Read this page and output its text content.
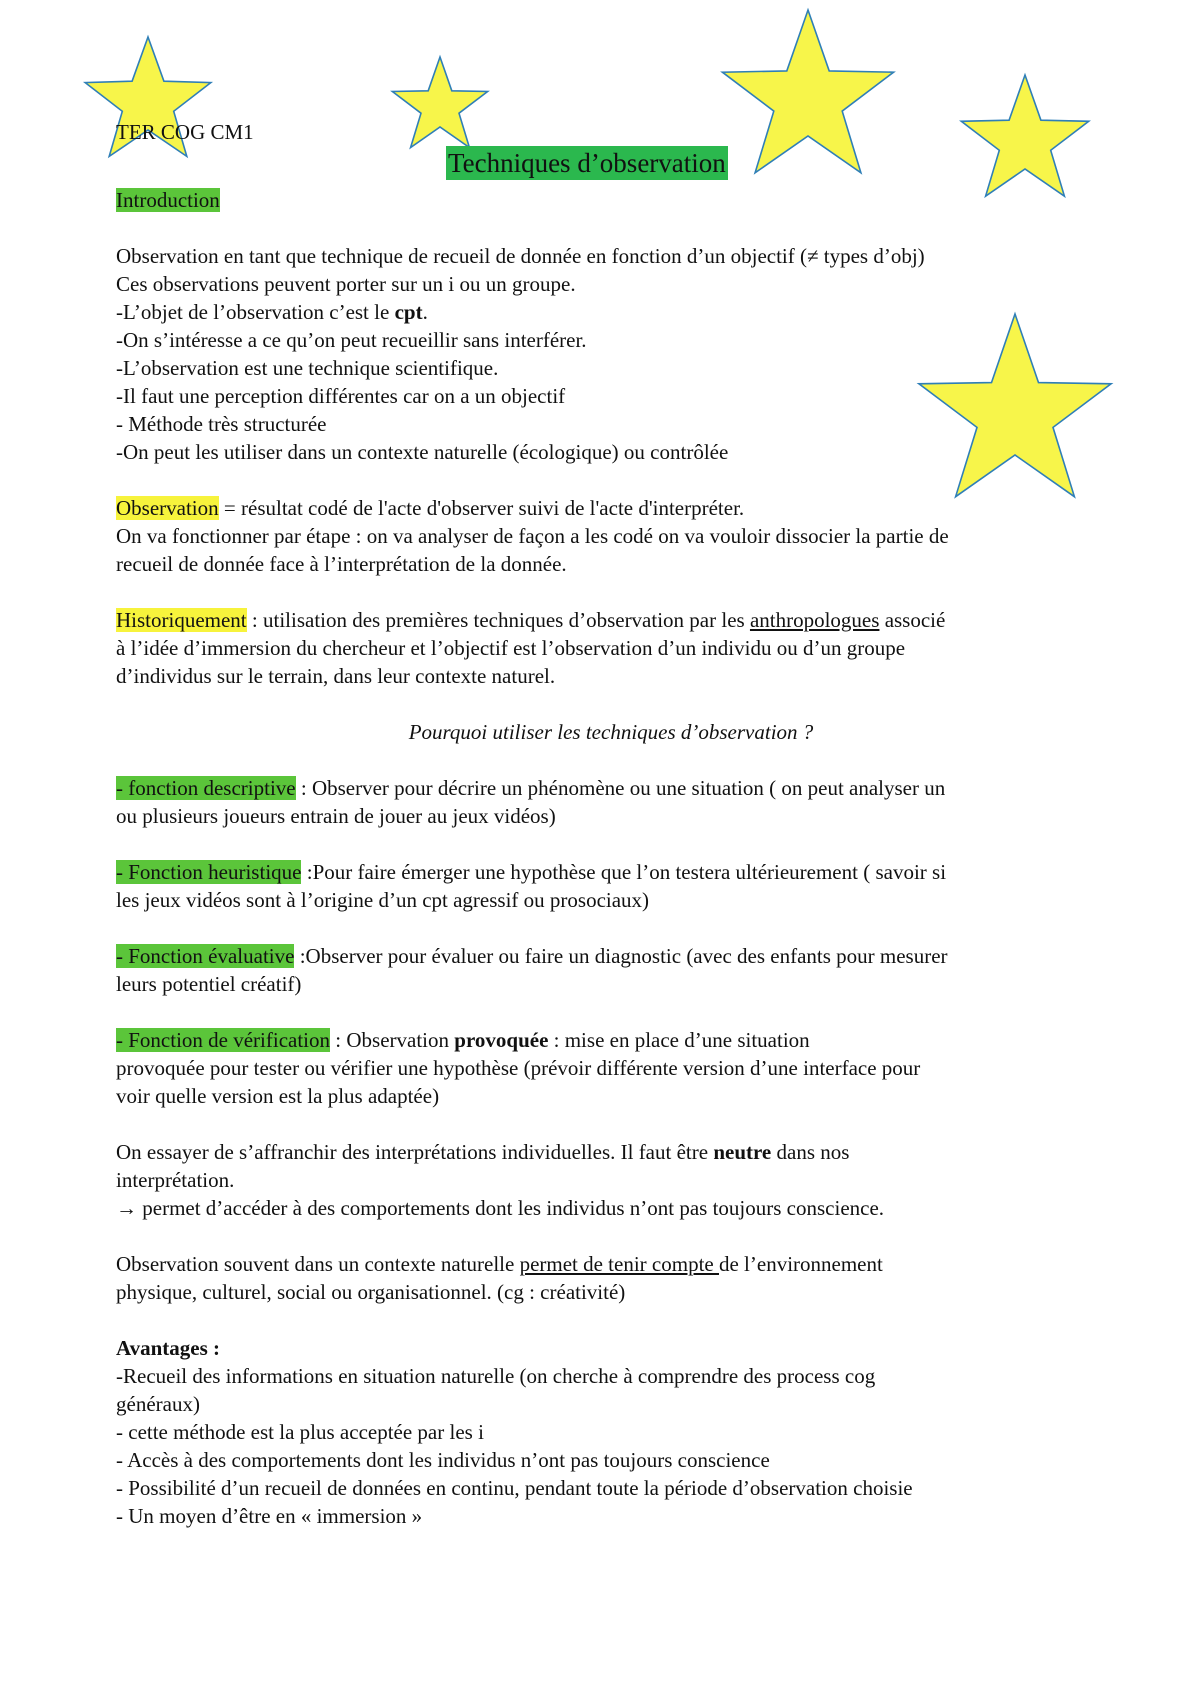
TER COG CM1
Techniques d’observation
Introduction
Observation en tant que technique de recueil de donnée en fonction d’un objectif (≠ types d’obj)
Ces observations peuvent porter sur un i ou un groupe.
-L’objet de l’observation c’est le cpt.
-On s’intéresse a ce qu’on peut recueillir sans interférer.
-L’observation est une technique scientifique.
-Il faut une perception différentes car on a un objectif
- Méthode très structurée
-On peut les utiliser dans un contexte naturelle (écologique) ou contrôlée
Observation = résultat codé de l'acte d'observer suivi de l'acte d'interpréter.
On va fonctionner par étape : on va analyser de façon a les codé on va vouloir dissocier la partie de
recueil de donnée face à l’interprétation de la donnée.
Historiquement : utilisation des premières techniques d’observation par les anthropologues associé
à l’idée d’immersion du chercheur et l’objectif est l’observation d’un individu ou d’un groupe
d’individus sur le terrain, dans leur contexte naturel.
Pourquoi utiliser les techniques d’observation ?
- fonction descriptive : Observer pour décrire un phénomène ou une situation ( on peut analyser un
ou plusieurs joueurs entrain de jouer au jeux vidéos)
- Fonction heuristique :Pour faire émerger une hypothèse que l’on testera ultérieurement ( savoir si
les jeux vidéos sont à l’origine d’un cpt agressif ou prosociaux)
- Fonction évaluative :Observer pour évaluer ou faire un diagnostic (avec des enfants pour mesurer
leurs potentiel créatif)
- Fonction de vérification : Observation provoquée : mise en place d’une situation
provoquée pour tester ou vérifier une hypothèse (prévoir différente version d’une interface pour
voir quelle version est la plus adaptée)
On essayer de s’affranchir des interprétations individuelles. Il faut être neutre dans nos
interprétation.
→ permet d’accéder à des comportements dont les individus n’ont pas toujours conscience.
Observation souvent dans un contexte naturelle permet de tenir compte de l’environnement
physique, culturel, social ou organisationnel. (cg : créativité)
Avantages :
-Recueil des informations en situation naturelle (on cherche à comprendre des process cog
généraux)
- cette méthode est la plus acceptée par les i
- Accès à des comportements dont les individus n’ont pas toujours conscience
- Possibilité d’un recueil de données en continu, pendant toute la période d’observation choisie
- Un moyen d’être en « immersion »
